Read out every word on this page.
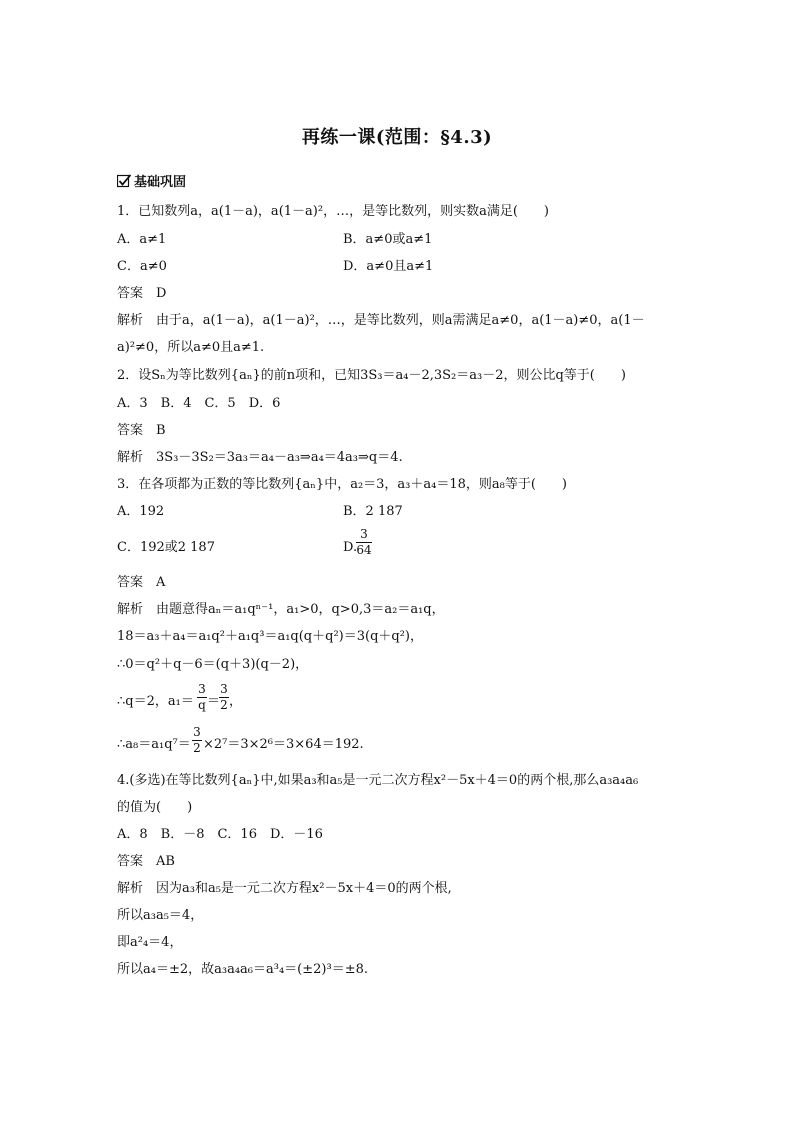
再练一课(范围：§4.3)
基础巩固
1．已知数列a，a(1－a)，a(1－a)²，…，是等比数列，则实数a满足(　　)
A．a≠1	B．a≠0或a≠1
C．a≠0	D．a≠0且a≠1
答案　D
解析　由于a，a(1－a)，a(1－a)²，…，是等比数列，则a需满足a≠0，a(1－a)≠0，a(1－
a)²≠0，所以a≠0且a≠1.
2．设Sₙ为等比数列{aₙ}的前n项和，已知3S₃＝a₄－2,3S₂＝a₃－2，则公比q等于(　　)
A．3　B．4　C．5　D．6
答案　B
解析　3S₃－3S₂＝3a₃＝a₄－a₃⇒a₄＝4a₃⇒q＝4.
3．在各项都为正数的等比数列{aₙ}中，a₂＝3，a₃＋a₄＝18，则a₈等于(　　)
A．192	B．2 187
C．192或2 187	D.
3
64
答案　A
解析　由题意得aₙ＝a₁qⁿ⁻¹，a₁>0，q>0,3＝a₂＝a₁q，
18＝a₃＋a₄＝a₁q²＋a₁q³＝a₁q(q＋q²)＝3(q＋q²)，
∴0＝q²＋q－6＝(q＋3)(q－2)，
∴q＝2，a₁＝
3
q ＝
3
2 ，
∴a₈＝a₁q⁷＝
3
2 ×2⁷＝3×2⁶＝3×64＝192.
4.(多选)在等比数列{aₙ}中,如果a₃和a₅是一元二次方程x²－5x＋4＝0的两个根,那么a₃a₄a₆
的值为(　　)
A．8　B．－8　C．16　D．－16
答案　AB
解析　因为a₃和a₅是一元二次方程x²－5x＋4＝0的两个根,
所以a₃a₅＝4，
即a²₄＝4，
所以a₄＝±2，故a₃a₄a₆＝a³₄＝(±2)³＝±8.
